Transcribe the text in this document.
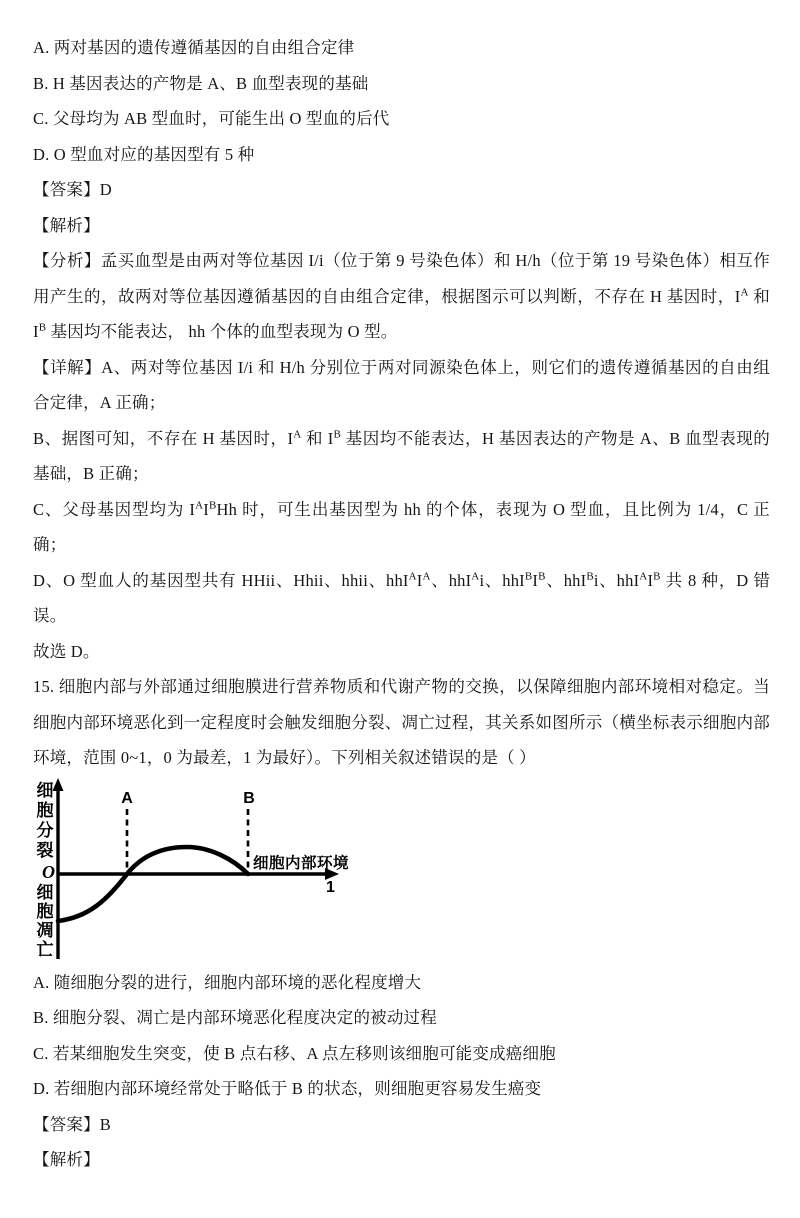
A. 两对基因的遗传遵循基因的自由组合定律

B. H 基因表达的产物是 A、B 血型表现的基础

C. 父母均为 AB 型血时，可能生出 O 型血的后代

D. O 型血对应的基因型有 5 种

【答案】D

【解析】

【分析】孟买血型是由两对等位基因 I/i（位于第 9 号染色体）和 H/h（位于第 19 号染色体）相互作用产生的，故两对等位基因遵循基因的自由组合定律，根据图示可以判断，不存在 H 基因时，$I^A$ 和 $I^B$ 基因均不能表达， hh 个体的血型表现为 O 型。

【详解】A、两对等位基因 I/i 和 H/h 分别位于两对同源染色体上，则它们的遗传遵循基因的自由组合定律，A 正确；

B、据图可知，不存在 H 基因时，$I^A$ 和 $I^B$ 基因均不能表达，H 基因表达的产物是 A、B 血型表现的基础，B 正确；

C、父母基因型均为 $I^AI^BHh$ 时，可生出基因型为 hh 的个体，表现为 O 型血，且比例为 1/4，C 正确；

D、O 型血人的基因型共有 HHii、Hhii、hhii、$hhI^AI^A$、hhI$^A$i、$hhI^BI^B$、hhI$^B$i、$hhI^AI^B$ 共 8 种，D 错误。

故选 D。

15. 细胞内部与外部通过细胞膜进行营养物质和代谢产物的交换，以保障细胞内部环境相对稳定。当细胞内部环境恶化到一定程度时会触发细胞分裂、凋亡过程，其关系如图所示（横坐标表示细胞内部环境，范围 0~1，0 为最差，1 为最好）。下列相关叙述错误的是（ ）

细胞分裂
O
细胞凋亡
A	B
细胞内部环境
1

A. 随细胞分裂的进行，细胞内部环境的恶化程度增大

B. 细胞分裂、凋亡是内部环境恶化程度决定的被动过程

C. 若某细胞发生突变，使 B 点右移、A 点左移则该细胞可能变成癌细胞

D. 若细胞内部环境经常处于略低于 B 的状态，则细胞更容易发生癌变

【答案】B

【解析】
